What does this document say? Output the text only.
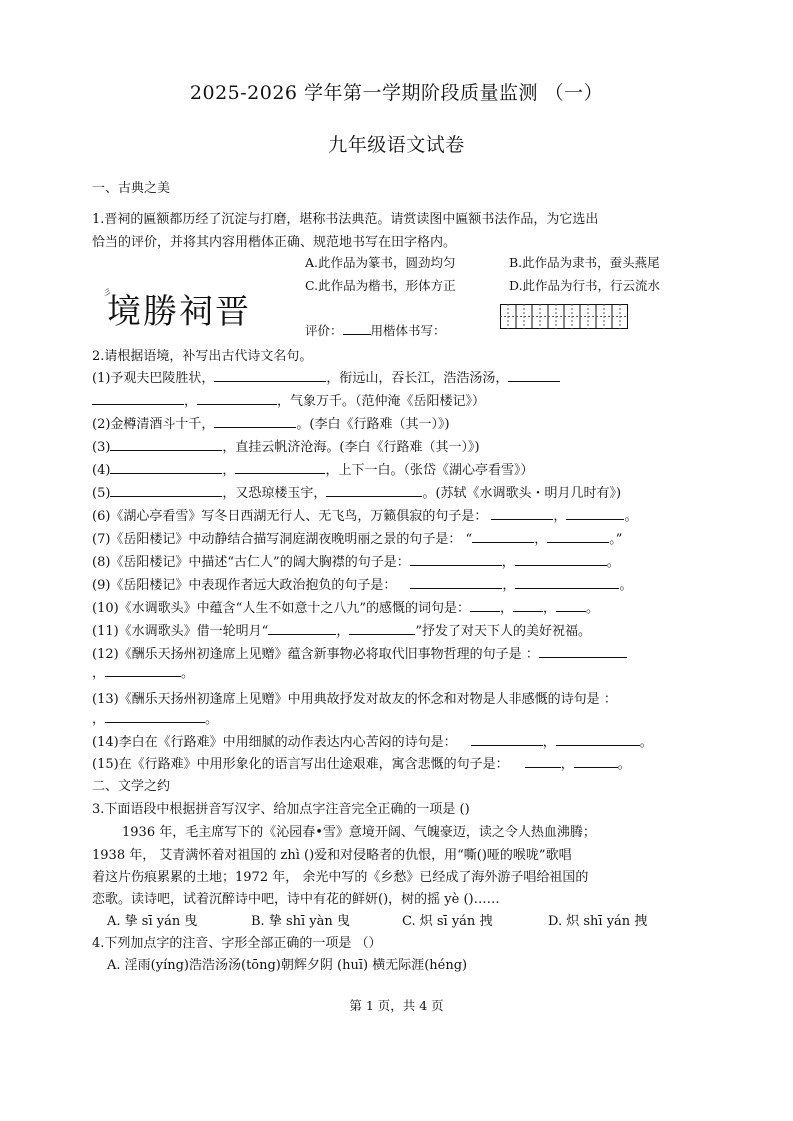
2025-2026 学年第一学期阶段质量监测 （一）
九年级语文试卷
一、古典之美
1.晋祠的匾额都历经了沉淀与打磨，堪称书法典范。请赏读图中匾额书法作品，为它选出
恰当的评价，并将其内容用楷体正确、规范地书写在田字格内。
A.此作品为篆书，圆劲均匀	B.此作品为隶书，蚕头燕尾
C.此作品为楷书，形体方正	D.此作品为行书，行云流水
彡
境勝祠晋	评价： 用楷体书写：
2.请根据语境，补写出古代诗文名句。
(1)予观夫巴陵胜状，	，衔远山，吞长江，浩浩汤汤，
，	，气象万千。（范仲淹《岳阳楼记》）
(2)金樽清酒斗十千，	。(李白《行路难（其一）》)
(3)	，直挂云帆济沧海。(李白《行路难（其一）》)
(4)	，	，上下一白。（张岱《湖心亭看雪》）
(5)	，又恐琼楼玉宇，	。(苏轼《水调歌头・明月几时有》)
(6)《湖心亭看雪》写冬日西湖无行人、无飞鸟，万籁俱寂的句子是：	，	。
(7)《岳阳楼记》中动静结合描写洞庭湖夜晚明丽之景的句子是： “	，	。”
(8)《岳阳楼记》中描述“古仁人”的阔大胸襟的句子是：	，	。
(9)《岳阳楼记》中表现作者远大政治抱负的句子是：	，	。
(10)《水调歌头》中蕴含“人生不如意十之八九”的感慨的词句是： ， ， 。
(11)《水调歌头》借一轮明月“	，	”抒发了对天下人的美好祝福。
(12)《酬乐天扬州初逢席上见赠》蕴含新事物必将取代旧事物哲理的句子是 ：
，	。
(13)《酬乐天扬州初逢席上见赠》中用典故抒发对故友的怀念和对物是人非感慨的诗句是 ：
，	。
(14)李白在《行路难》中用细腻的动作表达内心苦闷的诗句是：	，	。
(15)在《行路难》中用形象化的语言写出仕途艰难，寓含悲慨的句子是：	，	。
二、文学之约
3.下面语段中根据拼音写汉字、给加点字注音完全正确的一项是 ()
1936 年，毛主席写下的《沁园春•雪》意境开阔、气魄豪迈，读之令人热血沸腾；
1938 年， 艾青满怀着对祖国的 zhì ()爱和对侵略者的仇恨，用“嘶()哑的喉咙”歌唱
着这片伤痕累累的土地；1972 年， 余光中写的《乡愁》已经成了海外游子唱给祖国的
恋歌。读诗吧，试着沉醉诗中吧，诗中有花的鲜妍()，树的摇 yè ()……
A. 挚 sī yán 曳	B. 挚 shī yàn 曳	C. 炽 sī yán 拽	D. 炽 shī yán 拽
4.下列加点字的注音、字形全部正确的一项是 （）
A. 淫雨(yíng)浩浩汤汤(tōng)朝辉夕阴 (huī) 横无际涯(héng)
第 1 页，共 4 页
